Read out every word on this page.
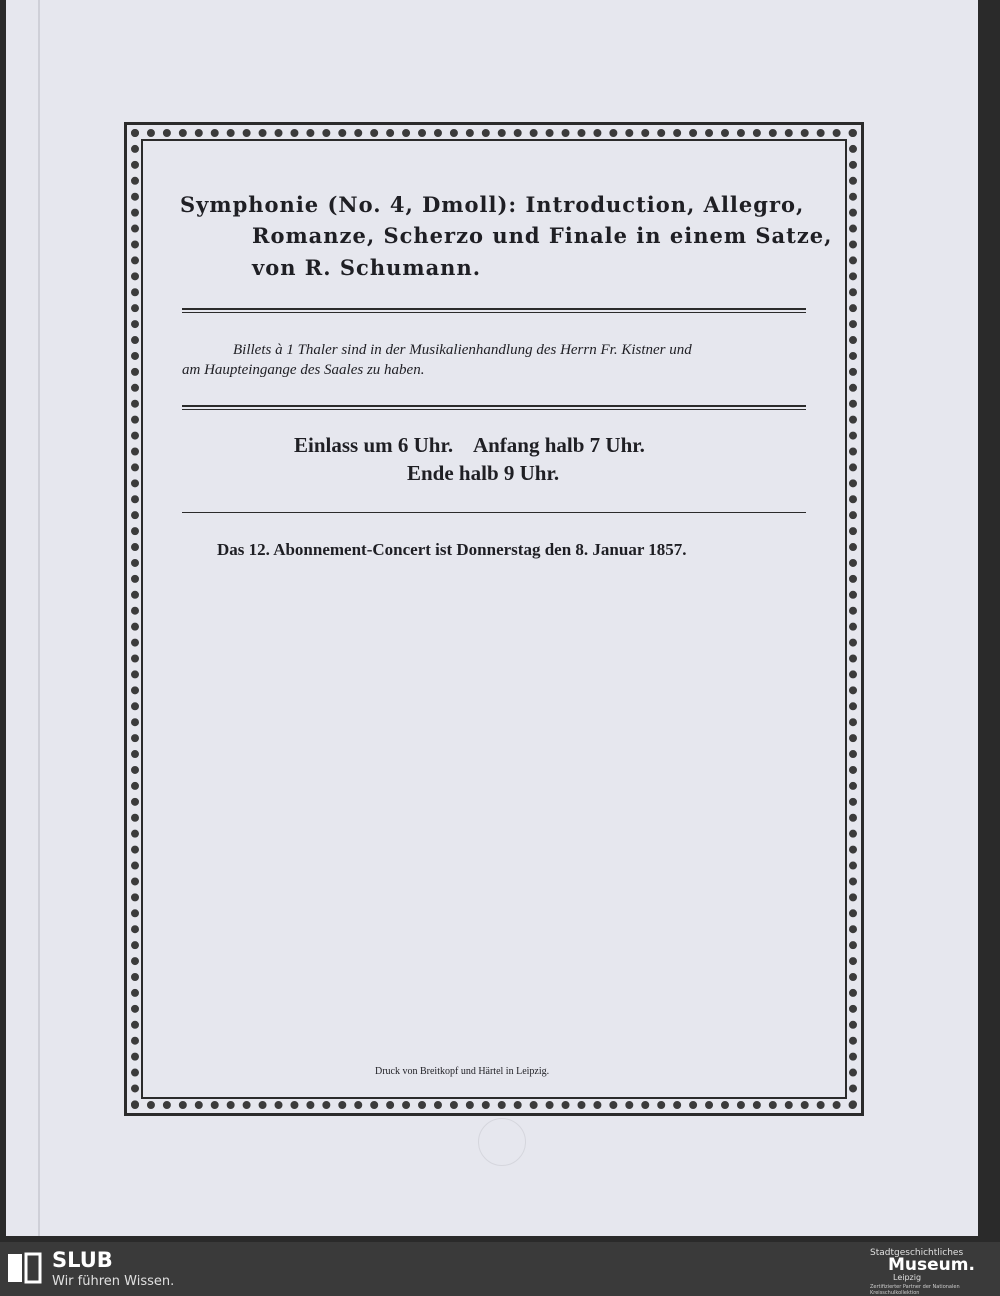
Symphonie (No. 4, Dmoll): Introduction, Allegro,
Romanze, Scherzo und Finale in einem Satze,
von R. Schumann.
Billets à 1 Thaler sind in der Musikalienhandlung des Herrn Fr. Kistner und
am Haupteingange des Saales zu haben.
Einlass um 6 Uhr.    Anfang halb 7 Uhr.
Ende halb 9 Uhr.
Das 12. Abonnement-Concert ist Donnerstag den 8. Januar 1857.
Druck von Breitkopf und Härtel in Leipzig.
SLUB
Wir führen Wissen.
Stadtgeschichtliches
Museum.
Leipzig
Zertifizierter Partner der Nationalen Kreisschulkollektion
